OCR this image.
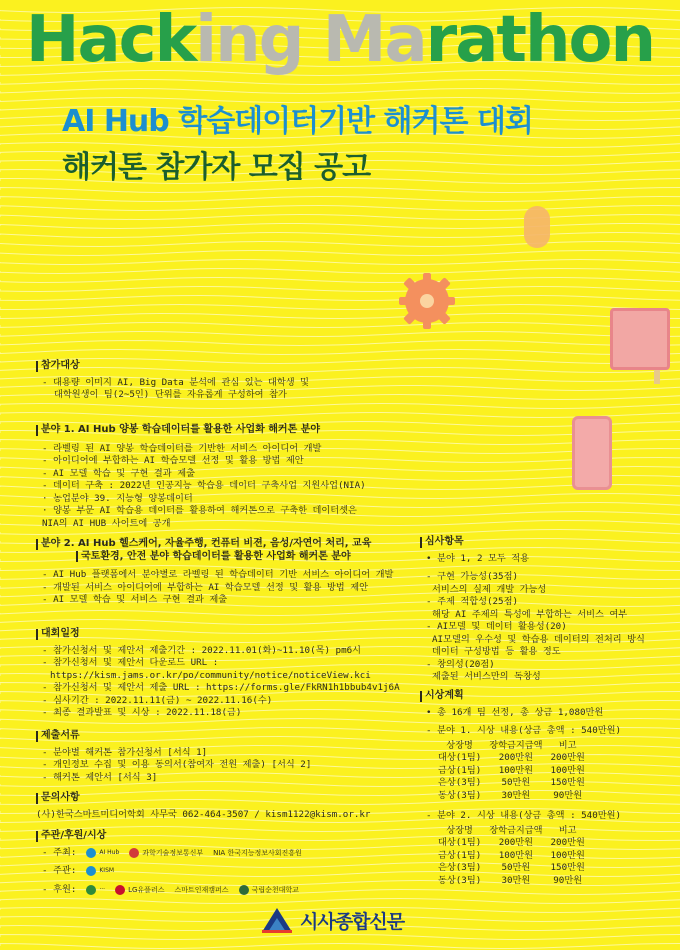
Hacking Marathon
AI Hub 학습데이터기반 해커톤 대회
해커톤 참가자 모집 공고
참가대상
- 대용량 이미지 AI, Big Data 분석에 관심 있는 대학생 및
대학원생이 팀(2~5인) 단위를 자유롭게 구성하여 참가
분야 1. AI Hub 양봉 학습데이터를 활용한 사업화 해커톤 분야
- 라벨링 된 AI 양봉 학습데이터를 기반한 서비스 아이디어 개발
- 아이디어에 부합하는 AI 학습모델 선정 및 활용 방법 제안
- AI 모델 학습 및 구현 결과 제출
- 데이터 구축 : 2022년 인공지능 학습용 데이터 구축사업 지원사업(NIA)
· 농업분야 39. 지능형 양봉데이터
· 양봉 부문 AI 학습용 데이터를 활용하여 해커톤으로 구축한 데이터셋은
NIA의 AI HUB 사이트에 공개
분야 2. AI Hub 헬스케어, 자율주행, 컨퓨터 비젼, 음성/자연어 처리, 교육
국토환경, 안전 분야 학습데이터를 활용한 사업화 해커톤 분야
- AI Hub 플랫폼에서 분야별로 라벨링 된 학습데이터 기반 서비스 아이디어 개발
- 개발된 서비스 아이디어에 부합하는 AI 학습모델 선정 및 활용 방법 제안
- AI 모델 학습 및 서비스 구현 결과 제출
대회일정
- 참가신청서 및 제안서 제출기간 : 2022.11.01(화)~11.10(목) pm6시
- 참가신청서 및 제안서 다운로드 URL :
https://kism.jams.or.kr/po/community/notice/noticeView.kci
- 참가신청서 및 제안서 제출 URL : https://forms.gle/FkRN1h1bbub4v1j6A
- 심사기간 : 2022.11.11(금) ~ 2022.11.16(수)
- 최종 결과발표 및 시상 : 2022.11.18(금)
제출서류
- 분야별 해커톤 참가신청서 [서식 1]
- 개인정보 수집 및 이용 동의서(참여자 전원 제출) [서식 2]
- 해커톤 제안서 [서식 3]
문의사항
(사)한국스마트미디어학회 사무국 062-464-3507 / kism1122@kism.or.kr
주관/후원/시상
- 주최:	AI Hub	과학기술정보통신부 NIA 한국지능정보사회진흥원
- 주관:	KISM
- 후원:	···	LG유플러스 스마트인재캠퍼스	국립순천대학교
심사항목
• 분야 1, 2 모두 적용
- 구현 가능성(35점)
서비스의 실제 개발 가능성
- 주제 적합성(25점)
해당 AI 주제의 특성에 부합하는 서비스 여부
- AI모델 및 데이터 활용성(20)
AI모델의 우수성 및 학습용 데이터의 전처리 방식
데이터 구성방법 등 활용 정도
- 창의성(20점)
제출된 서비스만의 독창성
시상계획
• 총 16개 팀 선정, 총 상금 1,080만원
- 분야 1. 시상 내용(상금 총액 : 540만원)
상장명	장학금지급액	비고
대상(1팀)	200만원	200만원
금상(1팀)	100만원	100만원
은상(3팀)	50만원	150만원
동상(3팀)	30만원	90만원
- 분야 2. 시상 내용(상금 총액 : 540만원)
상장명	장학금지급액	비고
대상(1팀)	200만원	200만원
금상(1팀)	100만원	100만원
은상(3팀)	50만원	150만원
동상(3팀)	30만원	90만원
시사종합신문
